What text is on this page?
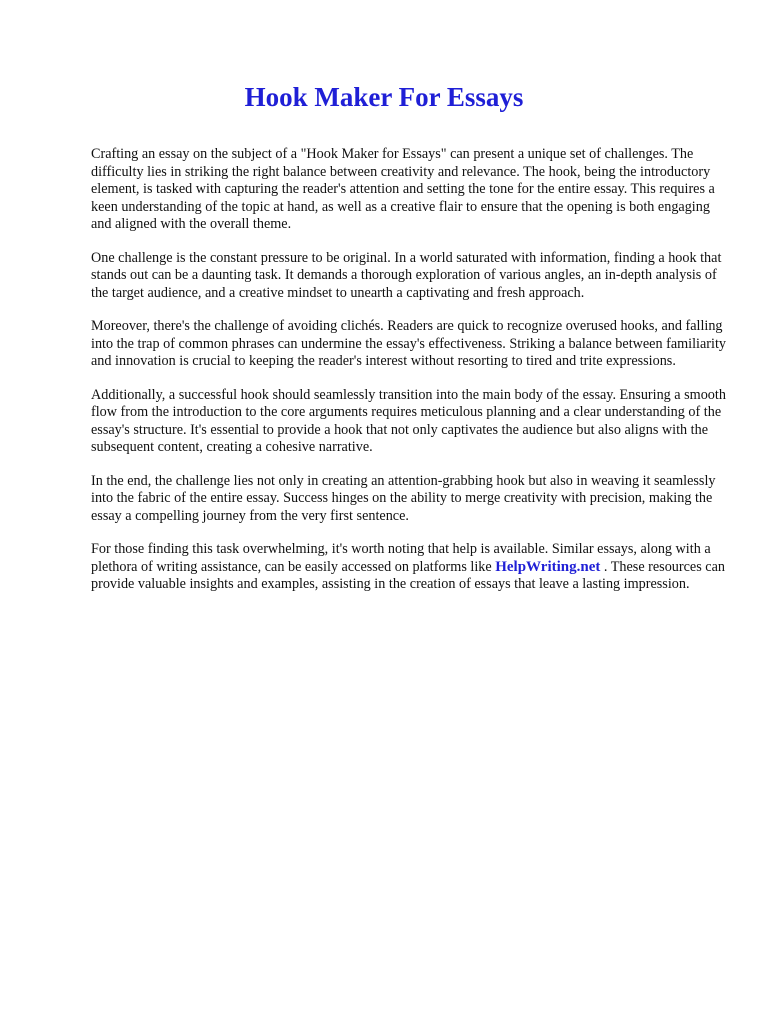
Hook Maker For Essays

Crafting an essay on the subject of a "Hook Maker for Essays" can present a unique set of challenges. The difficulty lies in striking the right balance between creativity and relevance. The hook, being the introductory element, is tasked with capturing the reader's attention and setting the tone for the entire essay. This requires a keen understanding of the topic at hand, as well as a creative flair to ensure that the opening is both engaging and aligned with the overall theme.

One challenge is the constant pressure to be original. In a world saturated with information, finding a hook that stands out can be a daunting task. It demands a thorough exploration of various angles, an in-depth analysis of the target audience, and a creative mindset to unearth a captivating and fresh approach.

Moreover, there's the challenge of avoiding clichés. Readers are quick to recognize overused hooks, and falling into the trap of common phrases can undermine the essay's effectiveness. Striking a balance between familiarity and innovation is crucial to keeping the reader's interest without resorting to tired and trite expressions.

Additionally, a successful hook should seamlessly transition into the main body of the essay. Ensuring a smooth flow from the introduction to the core arguments requires meticulous planning and a clear understanding of the essay's structure. It's essential to provide a hook that not only captivates the audience but also aligns with the subsequent content, creating a cohesive narrative.

In the end, the challenge lies not only in creating an attention-grabbing hook but also in weaving it seamlessly into the fabric of the entire essay. Success hinges on the ability to merge creativity with precision, making the essay a compelling journey from the very first sentence.

For those finding this task overwhelming, it's worth noting that help is available. Similar essays, along with a plethora of writing assistance, can be easily accessed on platforms like HelpWriting.net . These resources can provide valuable insights and examples, assisting in the creation of essays that leave a lasting impression.
